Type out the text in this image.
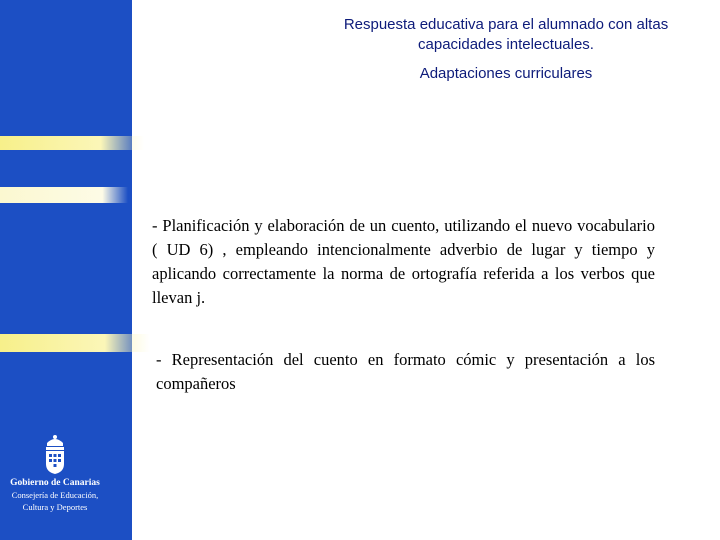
Respuesta educativa para el alumnado con altas capacidades intelectuales.
Adaptaciones curriculares
- Planificación y elaboración de un cuento, utilizando el nuevo vocabulario ( UD 6) , empleando intencionalmente adverbio de lugar y tiempo y aplicando correctamente la norma de ortografía referida a los verbos que llevan j.
- Representación del cuento en formato cómic y presentación a los compañeros
Gobierno de Canarias
Consejería de Educación,
Cultura y Deportes
